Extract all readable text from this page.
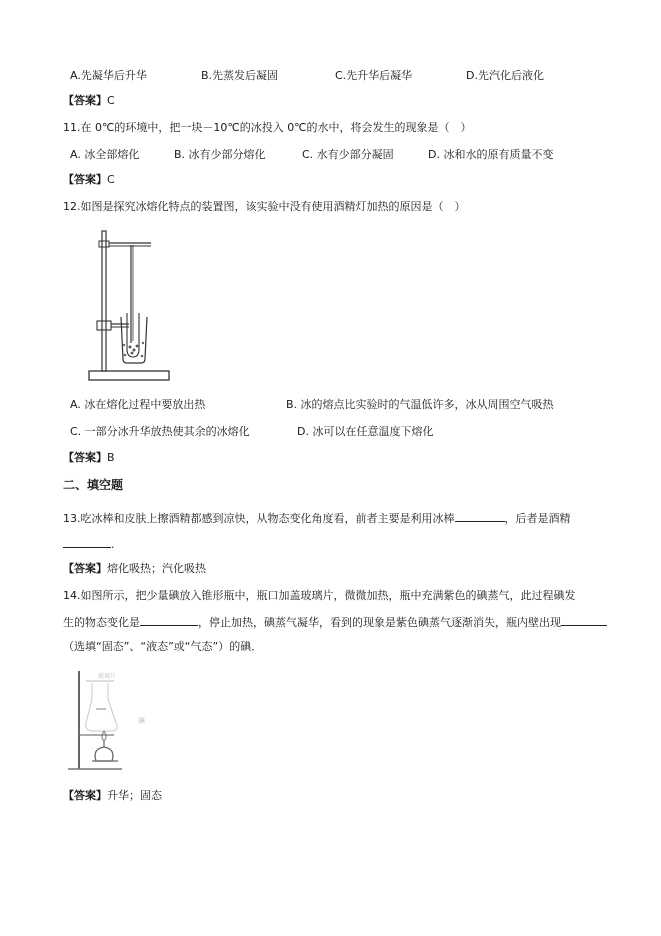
A.先凝华后升华	B.先蒸发后凝固	C.先升华后凝华	D.先汽化后液化
【答案】C
11.在 0℃的环境中，把一块－10℃的冰投入 0℃的水中，将会发生的现象是（　）
A. 冰全部熔化	B. 冰有少部分熔化	C. 水有少部分凝固	D. 冰和水的原有质量不变
【答案】C
12.如图是探究冰熔化特点的装置图，该实验中没有使用酒精灯加热的原因是（　）
A. 冰在熔化过程中要放出热	B. 冰的熔点比实验时的气温低许多，冰从周围空气吸热
C. 一部分冰升华放热使其余的冰熔化	D. 冰可以在任意温度下熔化
【答案】B
二、填空题
13.吃冰棒和皮肤上擦酒精都感到凉快，从物态变化角度看，前者主要是利用冰棒	，后者是酒精
.
【答案】熔化吸热；汽化吸热
14.如图所示，把少量碘放入锥形瓶中，瓶口加盖玻璃片，微微加热，瓶中充满紫色的碘蒸气，此过程碘发
生的物态变化是	，停止加热，碘蒸气凝华，看到的现象是紫色碘蒸气逐渐消失，瓶内壁出现
（选填“固态”、“液态”或“气态”）的碘．
碘
玻璃片
【答案】升华；固态
